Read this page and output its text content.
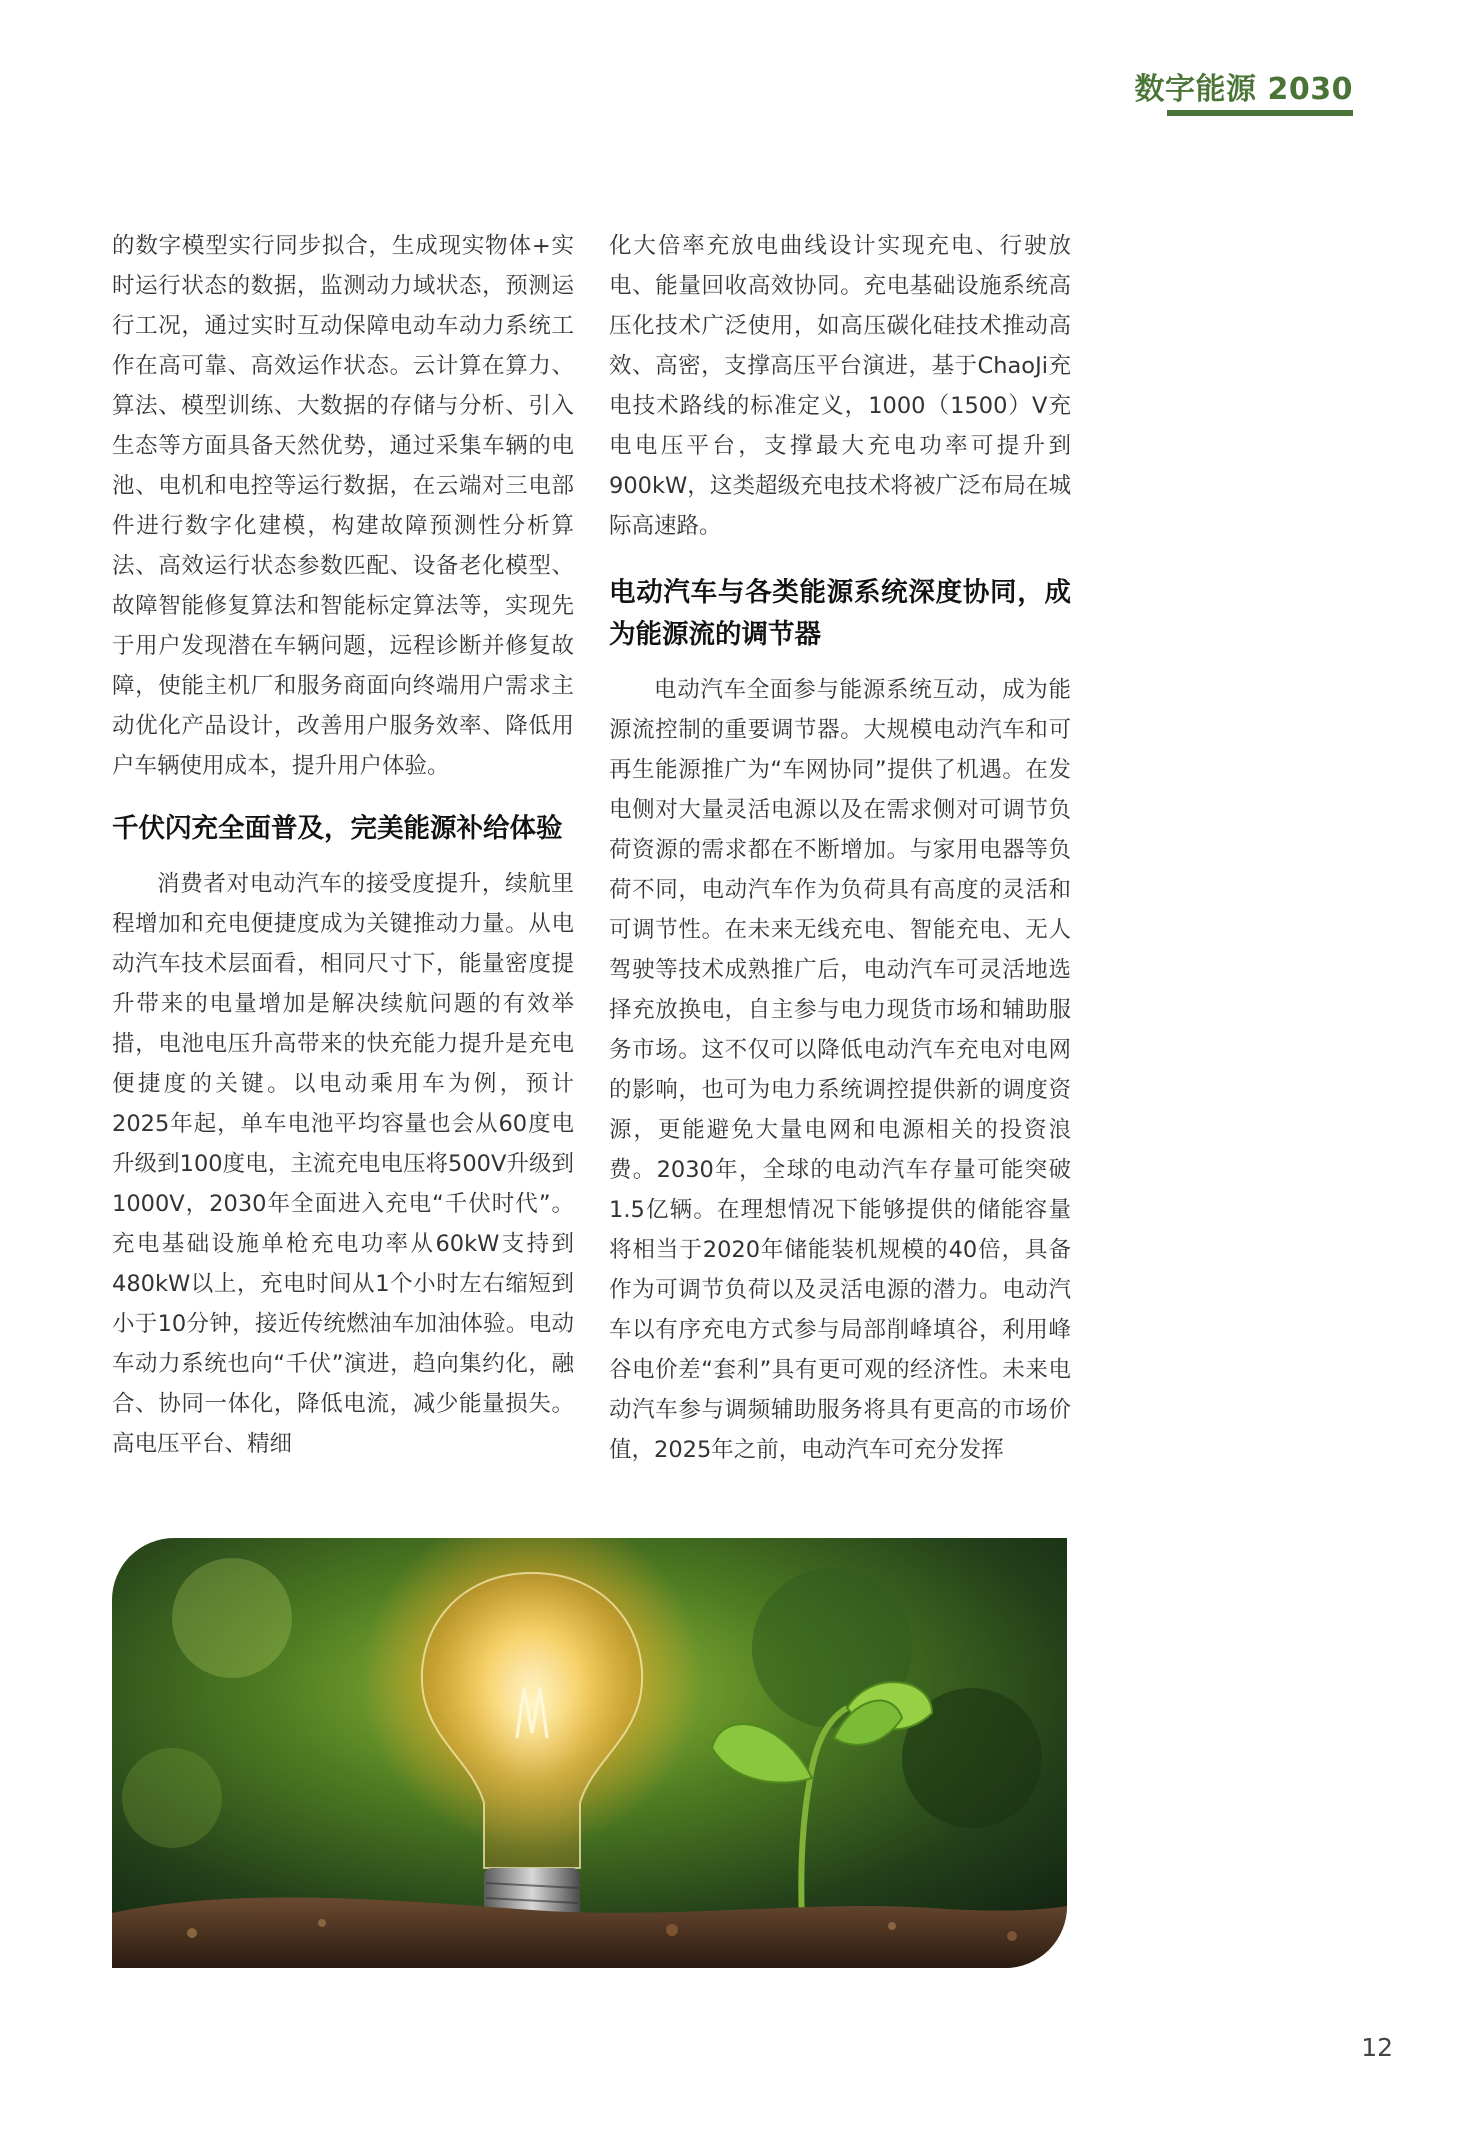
数字能源 2030

的数字模型实行同步拟合，生成现实物体+实时运行状态的数据，监测动力域状态，预测运行工况，通过实时互动保障电动车动力系统工作在高可靠、高效运作状态。云计算在算力、算法、模型训练、大数据的存储与分析、引入生态等方面具备天然优势，通过采集车辆的电池、电机和电控等运行数据，在云端对三电部件进行数字化建模，构建故障预测性分析算法、高效运行状态参数匹配、设备老化模型、故障智能修复算法和智能标定算法等，实现先于用户发现潜在车辆问题，远程诊断并修复故障，使能主机厂和服务商面向终端用户需求主动优化产品设计，改善用户服务效率、降低用户车辆使用成本，提升用户体验。

千伏闪充全面普及，完美能源补给体验

消费者对电动汽车的接受度提升，续航里程增加和充电便捷度成为关键推动力量。从电动汽车技术层面看，相同尺寸下，能量密度提升带来的电量增加是解决续航问题的有效举措，电池电压升高带来的快充能力提升是充电便捷度的关键。以电动乘用车为例，预计2025年起，单车电池平均容量也会从60度电升级到100度电，主流充电电压将500V升级到1000V，2030年全面进入充电“千伏时代”。充电基础设施单枪充电功率从60kW支持到480kW以上，充电时间从1个小时左右缩短到小于10分钟，接近传统燃油车加油体验。电动车动力系统也向“千伏”演进，趋向集约化，融合、协同一体化，降低电流，减少能量损失。高电压平台、精细

化大倍率充放电曲线设计实现充电、行驶放电、能量回收高效协同。充电基础设施系统高压化技术广泛使用，如高压碳化硅技术推动高效、高密，支撑高压平台演进，基于ChaoJi充电技术路线的标准定义，1000（1500）V充电电压平台，支撑最大充电功率可提升到900kW，这类超级充电技术将被广泛布局在城际高速路。

电动汽车与各类能源系统深度协同，成为能源流的调节器

电动汽车全面参与能源系统互动，成为能源流控制的重要调节器。大规模电动汽车和可再生能源推广为“车网协同”提供了机遇。在发电侧对大量灵活电源以及在需求侧对可调节负荷资源的需求都在不断增加。与家用电器等负荷不同，电动汽车作为负荷具有高度的灵活和可调节性。在未来无线充电、智能充电、无人驾驶等技术成熟推广后，电动汽车可灵活地选择充放换电，自主参与电力现货市场和辅助服务市场。这不仅可以降低电动汽车充电对电网的影响，也可为电力系统调控提供新的调度资源，更能避免大量电网和电源相关的投资浪费。2030年，全球的电动汽车存量可能突破1.5亿辆。在理想情况下能够提供的储能容量将相当于2020年储能装机规模的40倍，具备作为可调节负荷以及灵活电源的潜力。电动汽车以有序充电方式参与局部削峰填谷，利用峰谷电价差“套利”具有更可观的经济性。未来电动汽车参与调频辅助服务将具有更高的市场价值，2025年之前，电动汽车可充分发挥

12
